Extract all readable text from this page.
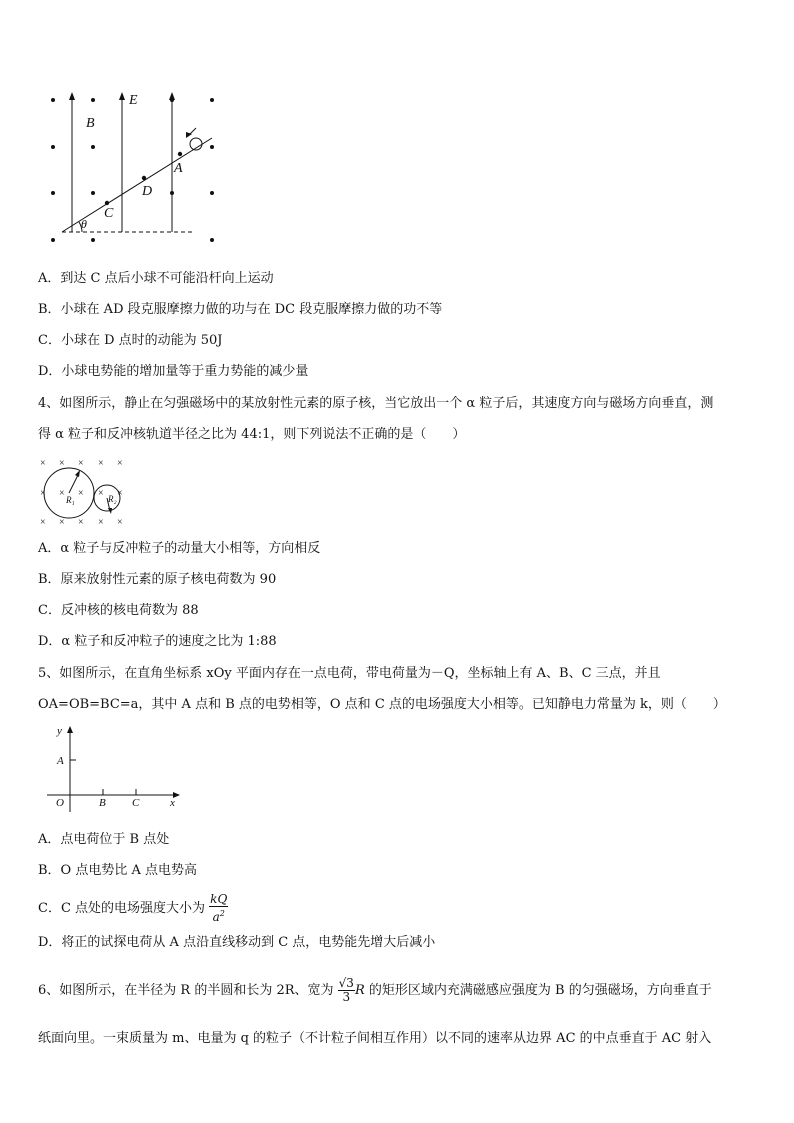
E
B
A
D
C
θ
A．到达 C 点后小球不可能沿杆向上运动
B．小球在 AD 段克服摩擦力做的功与在 DC 段克服摩擦力做的功不等
C．小球在 D 点时的动能为 50J
D．小球电势能的增加量等于重力势能的减少量
4、如图所示，静止在匀强磁场中的某放射性元素的原子核，当它放出一个 α 粒子后，其速度方向与磁场方向垂直，测
得 α 粒子和反冲核轨道半径之比为 44:1，则下列说法不正确的是（　　）
× × × × ×
× × × × ×
× × × × ×
R₁	R₂
A．α 粒子与反冲粒子的动量大小相等，方向相反
B．原来放射性元素的原子核电荷数为 90
C．反冲核的核电荷数为 88
D．α 粒子和反冲粒子的速度之比为 1:88
5、如图所示，在直角坐标系 xOy 平面内存在一点电荷，带电荷量为－Q，坐标轴上有 A、B、C 三点，并且
OA=OB=BC=a，其中 A 点和 B 点的电势相等，O 点和 C 点的电场强度大小相等。已知静电力常量为 k，则（　　）
y
A
O	B C	x
A．点电荷位于 B 点处
B．O 点电势比 A 点电势高
C．C 点处的电场强度大小为 $\frac{kQ}{a^2}$
D．将正的试探电荷从 A 点沿直线移动到 C 点，电势能先增大后减小
6、如图所示，在半径为 R 的半圆和长为 2R、宽为 $\frac{√3}{3}$ R 的矩形区域内充满磁感应强度为 B 的匀强磁场，方向垂直于
纸面向里。一束质量为 m、电量为 q 的粒子（不计粒子间相互作用）以不同的速率从边界 AC 的中点垂直于 AC 射入
